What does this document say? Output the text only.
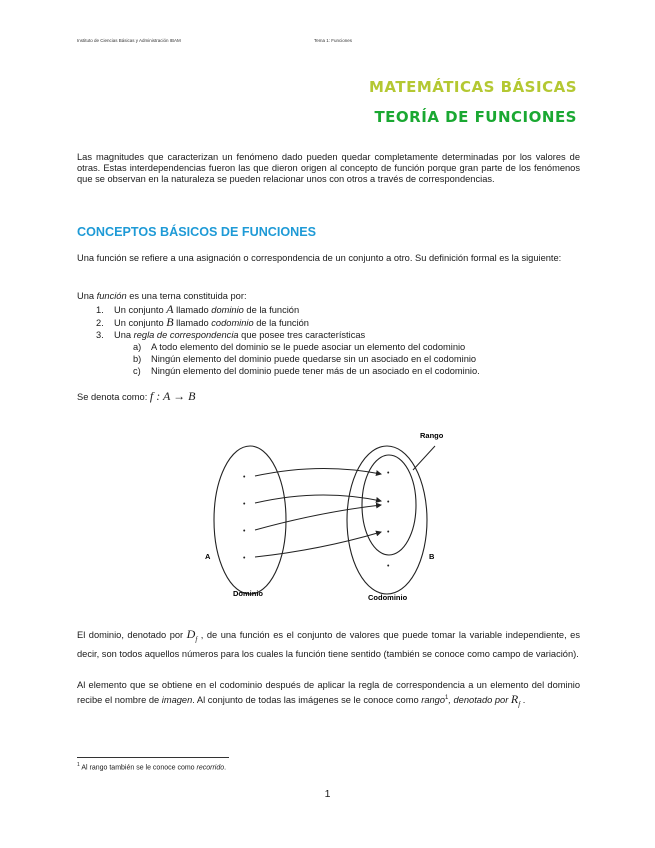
Instituto de Ciencias Básicas y Administración IBAM	Tema 1: Funciones
MATEMÁTICAS BÁSICAS
TEORÍA DE FUNCIONES
Las magnitudes que caracterizan un fenómeno dado pueden quedar completamente determinadas por los valores de otras. Estas interdependencias fueron las que dieron origen al concepto de función porque gran parte de los fenómenos que se observan en la naturaleza se pueden relacionar unos con otros a través de correspondencias.
CONCEPTOS BÁSICOS DE FUNCIONES
Una función se refiere a una asignación o correspondencia de un conjunto a otro. Su definición formal es la siguiente:
Una función es una terna constituida por:
1. Un conjunto A llamado dominio de la función
2. Un conjunto B llamado codominio de la función
3. Una regla de correspondencia que posee tres características
a) A todo elemento del dominio se le puede asociar un elemento del codominio
b) Ningún elemento del dominio puede quedarse sin un asociado en el codominio
c) Ningún elemento del dominio puede tener más de un asociado en el codominio.
Se denota como: f : A → B
•
•
•
•
•
•
•
•
A	B
Dominio	Codominio
Rango
El dominio, denotado por $D_f$ , de una función es el conjunto de valores que puede tomar la variable independiente, es decir, son todos aquellos números para los cuales la función tiene sentido (también se conoce como campo de variación).
Al elemento que se obtiene en el codominio después de aplicar la regla de correspondencia a un elemento del dominio recibe el nombre de imagen. Al conjunto de todas las imágenes se le conoce como rango$^1$, denotado por $R_f$ .
$^1$ Al rango también se le conoce como recorrido.
1
